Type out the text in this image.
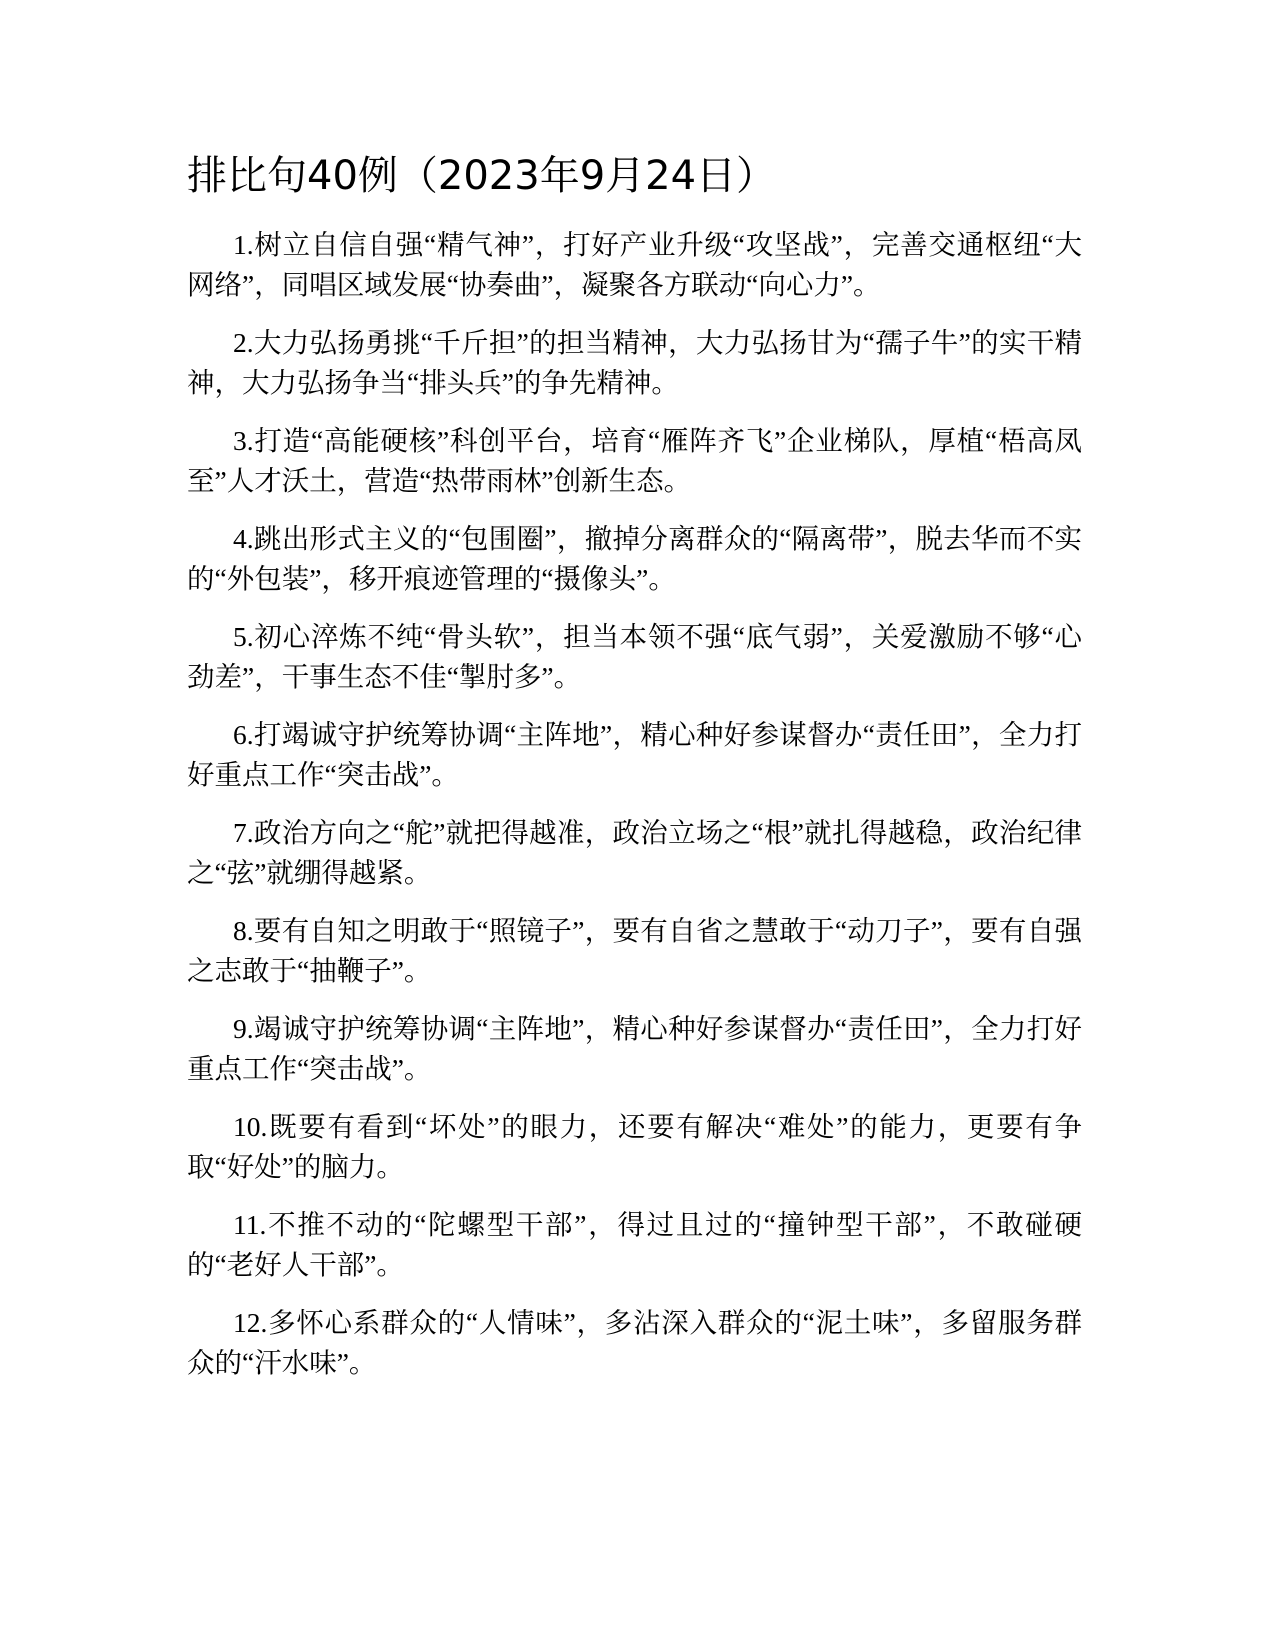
排比句40例（2023年9月24日）

1.树立自信自强“精气神”，打好产业升级“攻坚战”，完善交通枢纽“大网络”，同唱区域发展“协奏曲”，凝聚各方联动“向心力”。

2.大力弘扬勇挑“千斤担”的担当精神，大力弘扬甘为“孺子牛”的实干精神，大力弘扬争当“排头兵”的争先精神。

3.打造“高能硬核”科创平台，培育“雁阵齐飞”企业梯队，厚植“梧高凤至”人才沃土，营造“热带雨林”创新生态。

4.跳出形式主义的“包围圈”，撤掉分离群众的“隔离带”，脱去华而不实的“外包装”，移开痕迹管理的“摄像头”。

5.初心淬炼不纯“骨头软”，担当本领不强“底气弱”，关爱激励不够“心劲差”，干事生态不佳“掣肘多”。

6.打竭诚守护统筹协调“主阵地”，精心种好参谋督办“责任田”，全力打好重点工作“突击战”。

7.政治方向之“舵”就把得越准，政治立场之“根”就扎得越稳，政治纪律之“弦”就绷得越紧。

8.要有自知之明敢于“照镜子”，要有自省之慧敢于“动刀子”，要有自强之志敢于“抽鞭子”。

9.竭诚守护统筹协调“主阵地”，精心种好参谋督办“责任田”，全力打好重点工作“突击战”。

10.既要有看到“坏处”的眼力，还要有解决“难处”的能力，更要有争取“好处”的脑力。

11.不推不动的“陀螺型干部”，得过且过的“撞钟型干部”，不敢碰硬的“老好人干部”。

12.多怀心系群众的“人情味”，多沾深入群众的“泥土味”，多留服务群众的“汗水味”。
